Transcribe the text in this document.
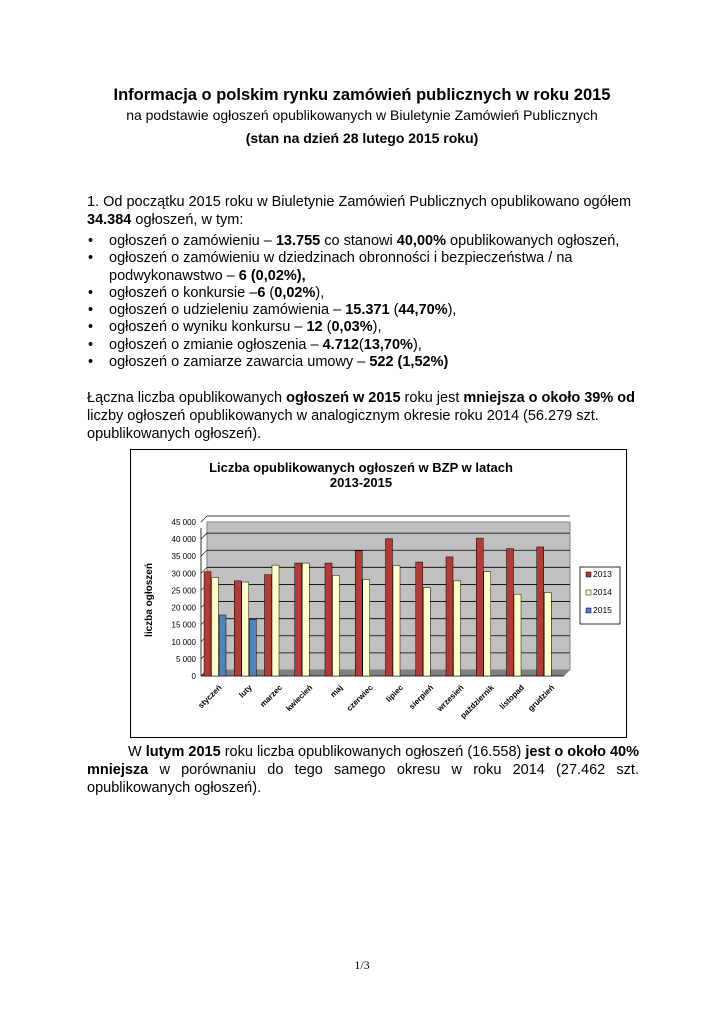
Informacja o polskim rynku zamówień publicznych w roku 2015
na podstawie ogłoszeń opublikowanych w Biuletynie Zamówień Publicznych
(stan na dzień 28 lutego 2015 roku)
1. Od początku 2015 roku w Biuletynie Zamówień Publicznych opublikowano ogółem 34.384 ogłoszeń, w tym:
• ogłoszeń o zamówieniu – 13.755 co stanowi 40,00% opublikowanych ogłoszeń,
• ogłoszeń o zamówieniu w dziedzinach obronności i bezpieczeństwa / na podwykonawstwo – 6 (0,02%),
• ogłoszeń o konkursie –6 (0,02%),
• ogłoszeń o udzieleniu zamówienia – 15.371 (44,70%),
• ogłoszeń o wyniku konkursu – 12 (0,03%),
• ogłoszeń o zmianie ogłoszenia – 4.712(13,70%),
• ogłoszeń o zamiarze zawarcia umowy – 522 (1,52%)
Łączna liczba opublikowanych ogłoszeń w 2015 roku jest mniejsza o około 39% od liczby ogłoszeń opublikowanych w analogicznym okresie roku 2014 (56.279 szt. opublikowanych ogłoszeń).
Liczba opublikowanych ogłoszeń w BZP w latach
2013-2015
liczba ogłoszeń
0
5 000
10 000
15 000
20 000
25 000
30 000
35 000
40 000
45 000
styczeń luty marzec kwiecień maj czerwiec lipiec sierpień wrzesień
październik listopad grudzień
2013
2014
2015
W lutym 2015 roku liczba opublikowanych ogłoszeń (16.558) jest o około 40% mniejsza w porównaniu do tego samego okresu w roku 2014 (27.462 szt. opublikowanych ogłoszeń).
1/3
